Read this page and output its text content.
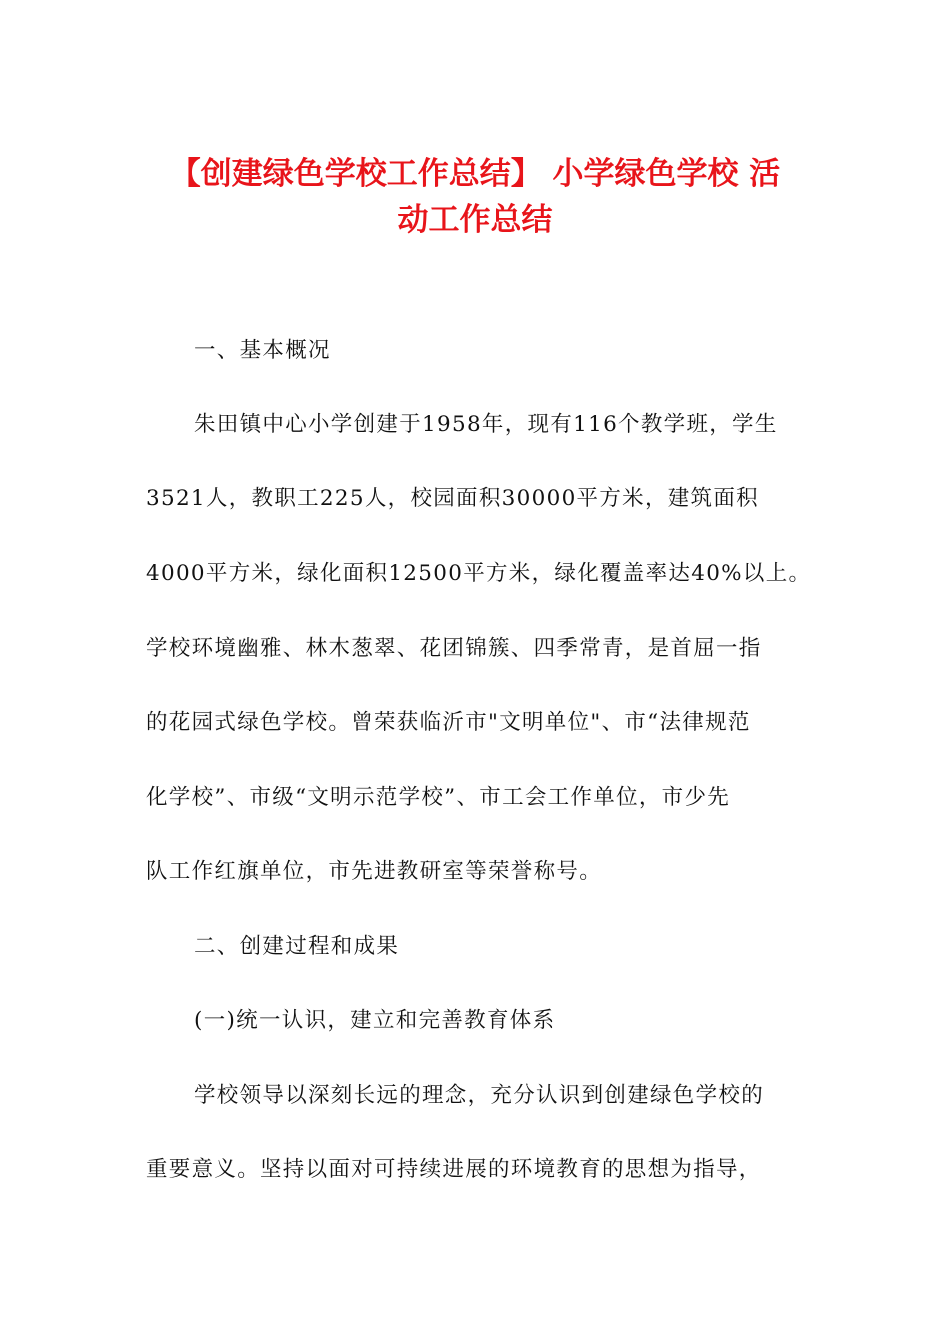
【创建绿色学校工作总结】 小学绿色学校 活
动工作总结

一、基本概况

朱田镇中心小学创建于1958年，现有116个教学班，学生

3521人，教职工225人，校园面积30000平方米，建筑面积

4000平方米，绿化面积12500平方米，绿化覆盖率达40%以上。

学校环境幽雅、林木葱翠、花团锦簇、四季常青，是首屈一指

的花园式绿色学校。曾荣获临沂市"文明单位"、市“法律规范

化学校”、市级“文明示范学校”、市工会工作单位，市少先

队工作红旗单位，市先进教研室等荣誉称号。

二、创建过程和成果

(一)统一认识，建立和完善教育体系

学校领导以深刻长远的理念，充分认识到创建绿色学校的

重要意义。坚持以面对可持续进展的环境教育的思想为指导，
